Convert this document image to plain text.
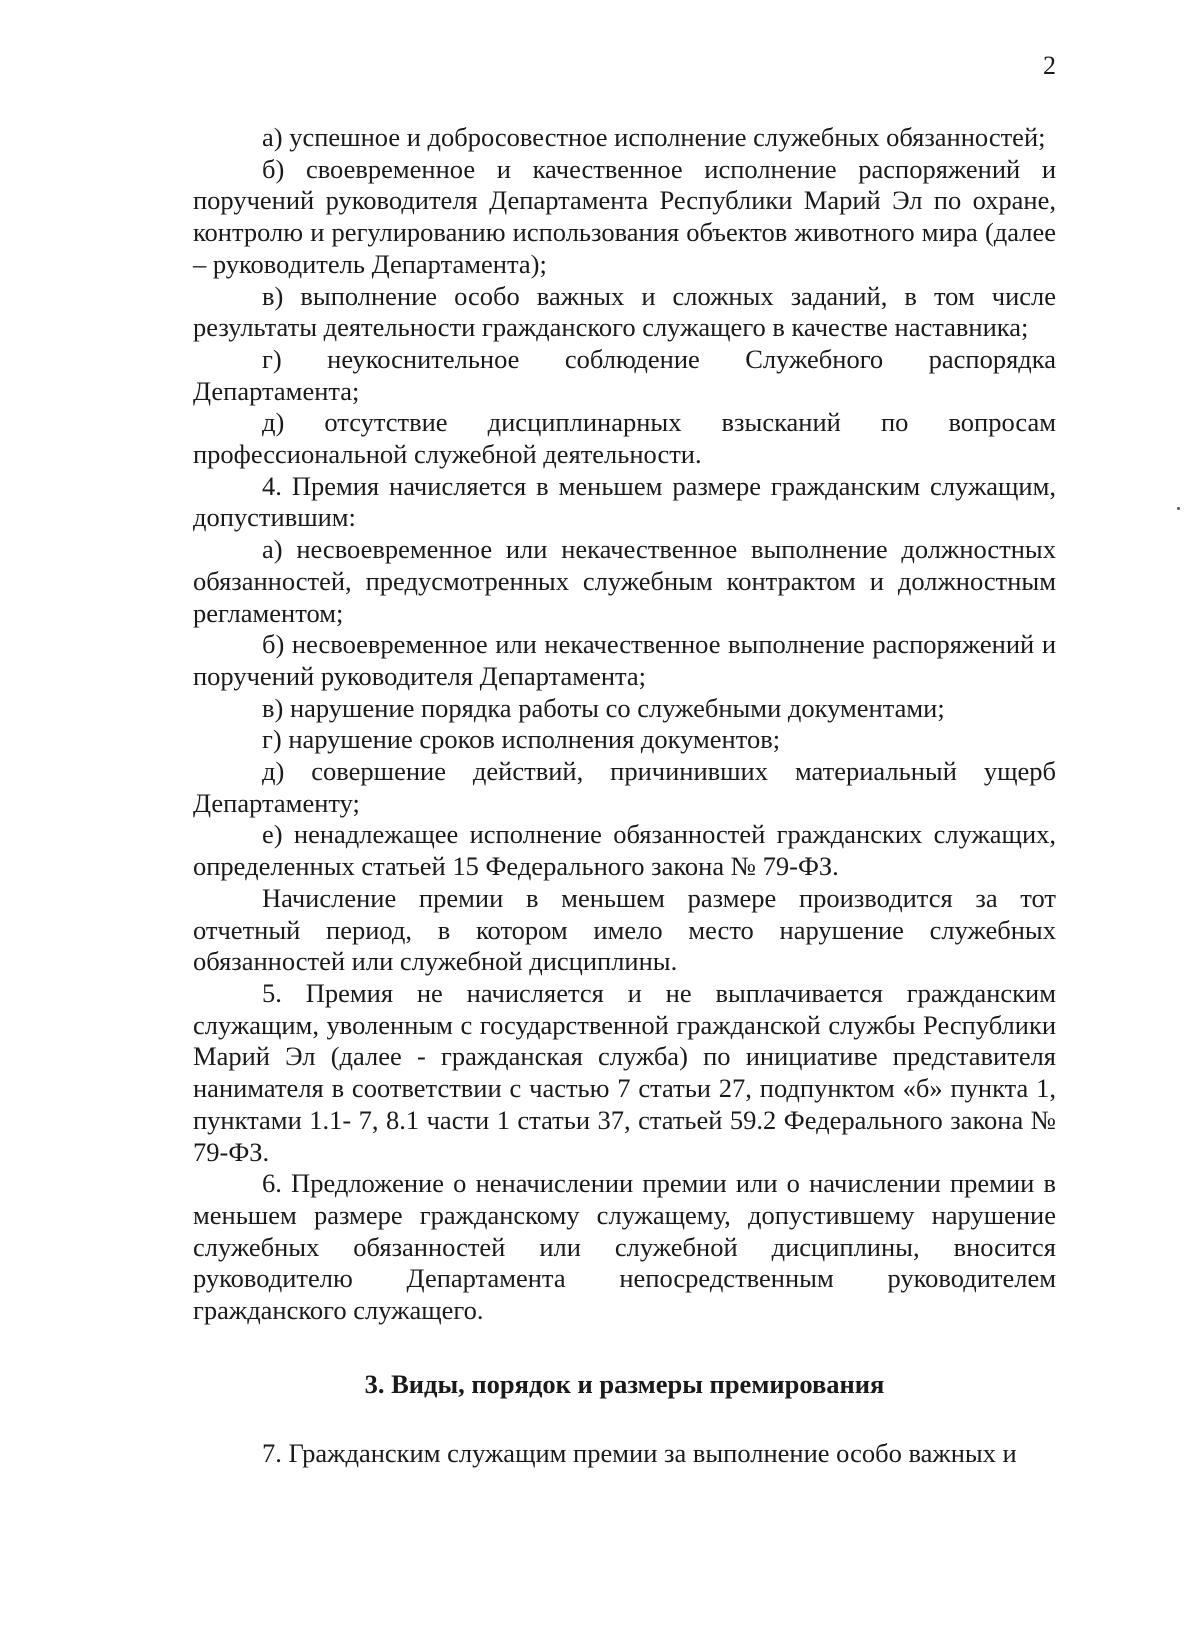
2

а) успешное и добросовестное исполнение служебных обязанностей;

б) своевременное и качественное исполнение распоряжений и поручений руководителя Департамента Республики Марий Эл по охране, контролю и регулированию использования объектов животного мира (далее – руководитель Департамента);

в) выполнение особо важных и сложных заданий, в том числе результаты деятельности гражданского служащего в качестве наставника;

г) неукоснительное соблюдение Служебного распорядка Департамента;

д) отсутствие дисциплинарных взысканий по вопросам профессиональной служебной деятельности.

4. Премия начисляется в меньшем размере гражданским служащим, допустившим:

а) несвоевременное или некачественное выполнение должностных обязанностей, предусмотренных служебным контрактом и должностным регламентом;

б) несвоевременное или некачественное выполнение распоряжений и поручений руководителя Департамента;

в) нарушение порядка работы со служебными документами;

г) нарушение сроков исполнения документов;

д) совершение действий, причинивших материальный ущерб Департаменту;

е) ненадлежащее исполнение обязанностей гражданских служащих, определенных статьей 15 Федерального закона № 79-ФЗ.

Начисление премии в меньшем размере производится за тот отчетный период, в котором имело место нарушение служебных обязанностей или служебной дисциплины.

5. Премия не начисляется и не выплачивается гражданским служащим, уволенным с государственной гражданской службы Республики Марий Эл (далее - гражданская служба) по инициативе представителя нанимателя в соответствии с частью 7 статьи 27, подпунктом «б» пункта 1, пунктами 1.1- 7, 8.1 части 1 статьи 37, статьей 59.2 Федерального закона № 79-ФЗ.

6. Предложение о неначислении премии или о начислении премии в меньшем размере гражданскому служащему, допустившему нарушение служебных обязанностей или служебной дисциплины, вносится руководителю Департамента непосредственным руководителем гражданского служащего.

3. Виды, порядок и размеры премирования

7. Гражданским служащим премии за выполнение особо важных и
